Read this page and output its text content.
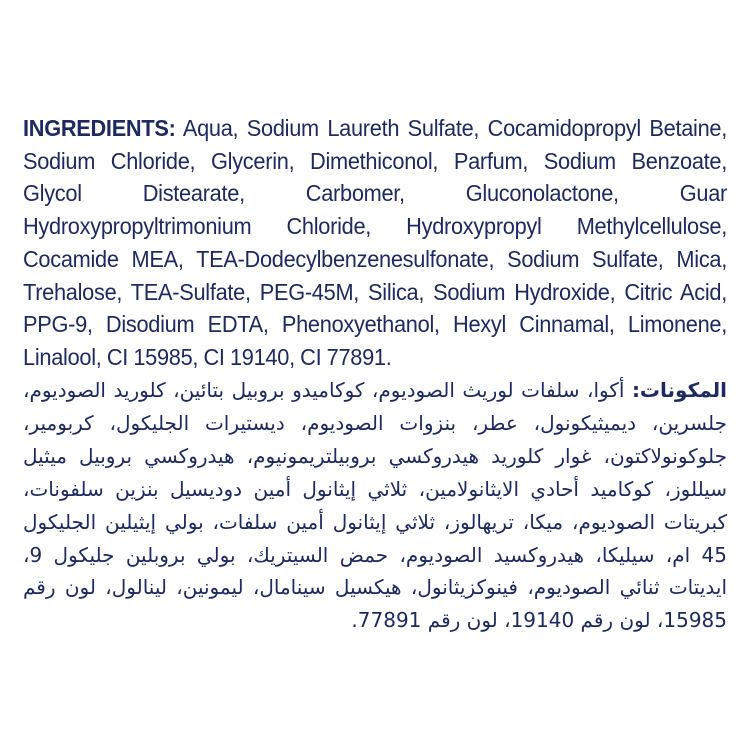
INGREDIENTS: Aqua, Sodium Laureth Sulfate, Cocamidopropyl Betaine, Sodium Chloride, Glycerin, Dimethiconol, Parfum, Sodium Benzoate, Glycol Distearate, Carbomer, Gluconolactone, Guar Hydroxypropyltrimonium Chloride, Hydroxypropyl Methylcellulose, Cocamide MEA, TEA-Dodecylbenzenesulfonate, Sodium Sulfate, Mica, Trehalose, TEA-Sulfate, PEG-45M, Silica, Sodium Hydroxide, Citric Acid, PPG-9, Disodium EDTA, Phenoxyethanol, Hexyl Cinnamal, Limonene, Linalool, CI 15985, CI 19140, CI 77891.

المكونات: أكوا، سلفات لوريث الصوديوم، كوكاميدو بروبيل بتائين، كلوريد الصوديوم، جلسرين، ديميثيكونول، عطر، بنزوات الصوديوم، ديستيرات الجليكول، كربومير، جلوكونولاكتون، غوار كلوريد هيدروكسي بروبيلتريمونيوم، هيدروكسي بروبيل ميثيل سيللوز، كوكاميد أحادي الايثانولامين، ثلاثي إيثانول أمين دوديسيل بنزين سلفونات، كبريتات الصوديوم، ميكا، تريهالوز، ثلاثي إيثانول أمين سلفات، بولي إيثيلين الجليكول 45 ام، سيليكا، هيدروكسيد الصوديوم، حمض السيتريك، بولي بروبلين جليكول 9، ايديتات ثنائي الصوديوم، فينوكزيثانول، هيكسيل سينامال، ليمونين، لينالول، لون رقم 15985، لون رقم 19140، لون رقم 77891.
